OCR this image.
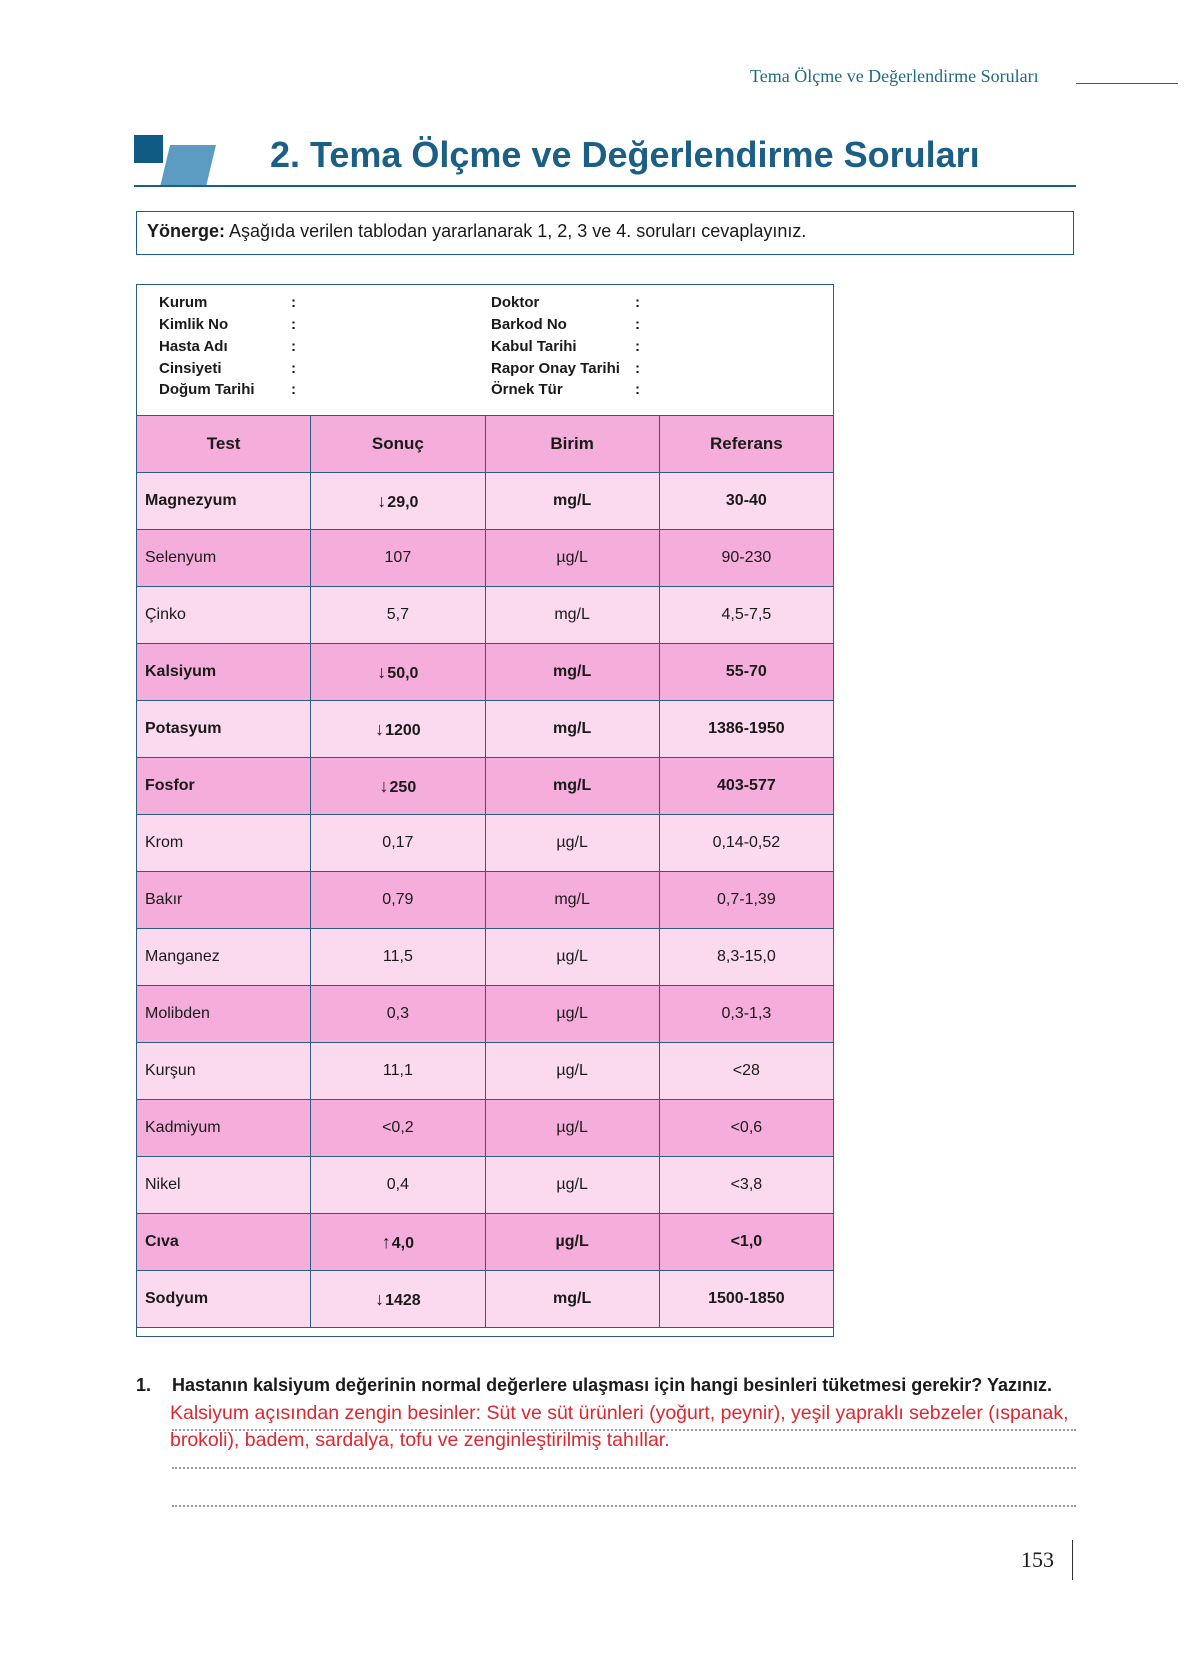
Tema Ölçme ve Değerlendirme Soruları
2. Tema Ölçme ve Değerlendirme Soruları
Yönerge: Aşağıda verilen tablodan yararlanarak 1, 2, 3 ve 4. soruları cevaplayınız.
Kurum	:	Doktor	:
Kimlik No	:	Barkod No	:
Hasta Adı	:	Kabul Tarihi	:
Cinsiyeti	:	Rapor Onay Tarihi :
Doğum Tarihi :	Örnek Tür	:
Test	Sonuç	Birim	Referans
Magnezyum	↓29,0	mg/L	30-40
Selenyum	107	µg/L	90-230
Çinko	5,7	mg/L	4,5-7,5
Kalsiyum	↓50,0	mg/L	55-70
Potasyum	↓1200	mg/L	1386-1950
Fosfor	↓250	mg/L	403-577
Krom	0,17	µg/L	0,14-0,52
Bakır	0,79	mg/L	0,7-1,39
Manganez	11,5	µg/L	8,3-15,0
Molibden	0,3	µg/L	0,3-1,3
Kurşun	11,1	µg/L	<28
Kadmiyum	<0,2	µg/L	<0,6
Nikel	0,4	µg/L	<3,8
Cıva	↑4,0	µg/L	<1,0
Sodyum	↓1428	mg/L	1500-1850
1. Hastanın kalsiyum değerinin normal değerlere ulaşması için hangi besinleri tüketmesi gerekir? Yazınız.
Kalsiyum açısından zengin besinler: Süt ve süt ürünleri (yoğurt, peynir), yeşil yapraklı sebzeler (ıspanak,
brokoli), badem, sardalya, tofu ve zenginleştirilmiş tahıllar.
153
